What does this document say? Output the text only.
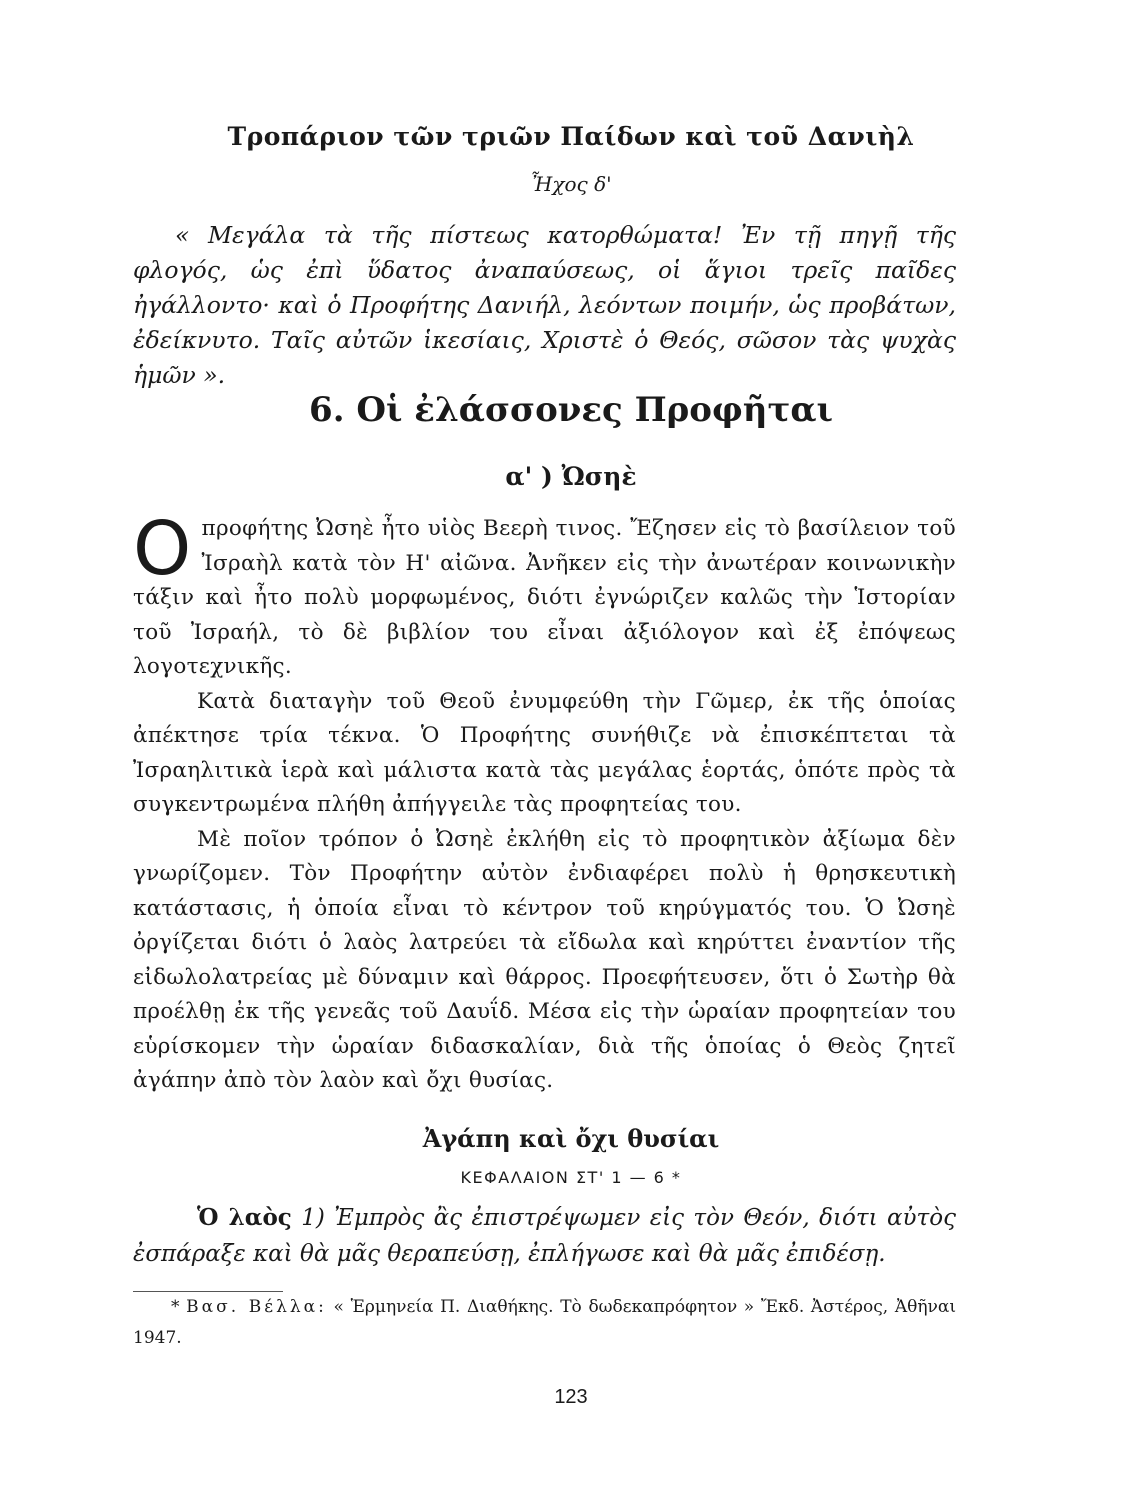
Τροπάριον τῶν τριῶν Παίδων καὶ τοῦ Δανιὴλ
Ἦχος δ'

« Μεγάλα τὰ τῆς πίστεως κατορθώματα! Ἐν τῇ πηγῇ τῆς φλογός, ὡς ἐπὶ ὕδατος ἀναπαύσεως, οἱ ἅγιοι τρεῖς παῖδες ἠγάλλοντο· καὶ ὁ Προφήτης Δανιήλ, λεόντων ποιμήν, ὡς προβάτων, ἐδείκνυτο. Ταῖς αὐτῶν ἱκεσίαις, Χριστὲ ὁ Θεός, σῶσον τὰς ψυχὰς ἡμῶν ».

6. Οἱ ἐλάσσονες Προφῆται
α' ) Ὠσηὲ

Οπροφήτης Ὠσηὲ ἦτο υἱὸς Βεερὴ τινος. Ἔζησεν εἰς τὸ βασίλειον τοῦ Ἰσραὴλ κατὰ τὸν Η' αἰῶνα. Ἀνῆκεν εἰς τὴν ἀνωτέραν κοινωνικὴν τάξιν καὶ ἦτο πολὺ μορφωμένος, διότι ἐγνώριζεν καλῶς τὴν Ἱστορίαν τοῦ Ἰσραήλ, τὸ δὲ βιβλίον του εἶναι ἀξιόλογον καὶ ἐξ ἐπόψεως λογοτεχνικῆς.

Κατὰ διαταγὴν τοῦ Θεοῦ ἐνυμφεύθη τὴν Γῶμερ, ἐκ τῆς ὁποίας ἀπέκτησε τρία τέκνα. Ὁ Προφήτης συνήθιζε νὰ ἐπισκέπτεται τὰ Ἰσραηλιτικὰ ἱερὰ καὶ μάλιστα κατὰ τὰς μεγάλας ἑορτάς, ὁπότε πρὸς τὰ συγκεντρωμένα πλήθη ἀπήγγειλε τὰς προφητείας του.

Μὲ ποῖον τρόπον ὁ Ὠσηὲ ἐκλήθη εἰς τὸ προφητικὸν ἀξίωμα δὲν γνωρίζομεν. Τὸν Προφήτην αὐτὸν ἐνδιαφέρει πολὺ ἡ θρησκευτικὴ κατάστασις, ἡ ὁποία εἶναι τὸ κέντρον τοῦ κηρύγματός του. Ὁ Ὠσηὲ ὀργίζεται διότι ὁ λαὸς λατρεύει τὰ εἴδωλα καὶ κηρύττει ἐναντίον τῆς εἰδωλολατρείας μὲ δύναμιν καὶ θάρρος. Προεφήτευσεν, ὅτι ὁ Σωτὴρ θὰ προέλθῃ ἐκ τῆς γενεᾶς τοῦ Δαυΐδ. Μέσα εἰς τὴν ὡραίαν προφητείαν του εὑρίσκομεν τὴν ὡραίαν διδασκαλίαν, διὰ τῆς ὁποίας ὁ Θεὸς ζητεῖ ἀγάπην ἀπὸ τὸν λαὸν καὶ ὄχι θυσίας.

Ἀγάπη καὶ ὄχι θυσίαι
ΚΕΦΑΛΑΙΟΝ ΣΤ' 1 — 6 *

Ὁ λαὸς 1) Ἐμπρὸς ἂς ἐπιστρέψωμεν εἰς τὸν Θεόν, διότι αὐτὸς ἐσπάραξε καὶ θὰ μᾶς θεραπεύσῃ, ἐπλήγωσε καὶ θὰ μᾶς ἐπιδέσῃ.

* Βασ. Βέλλα: « Ἑρμηνεία Π. Διαθήκης. Τὸ δωδεκαπρόφητον » Ἔκδ. Ἀστέρος, Ἀθῆναι 1947.

123
